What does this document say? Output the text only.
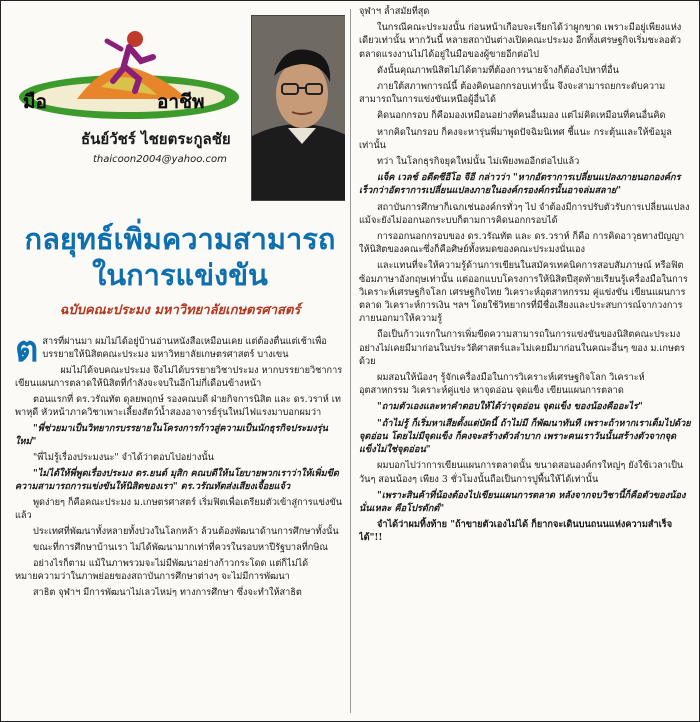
มือ	อาชีพ
ธันย์วัชร์ ไชยตระกูลชัย
thaicoon2004@yahoo.com
กลยุทธ์เพิ่มความสามารถ
ในการแข่งขัน
ฉบับคณะประมง มหาวิทยาลัยเกษตรศาสตร์

ตสารที่ผ่านมา ผมไม่ได้อยู่บ้านอ่านหนังสือเหมือนเคย แต่ต้องตื่นแต่เช้าเพื่อบรรยายให้นิสิตคณะประมง มหาวิทยาลัยเกษตรศาสตร์ บางเขน

ผมไม่ได้จบคณะประมง จึงไม่ได้บรรยายวิชาประมง หากบรรยายวิชาการเขียนแผนการตลาดให้นิสิตที่กำลังจะจบในอีกไม่กี่เดือนข้างหน้า

ตอนแรกที่ ดร.วรัณทัต ดุลยพฤกษ์ รองคณบดี ฝ่ายกิจการนิสิต และ ดร.วราห์ เทพาหุดี หัวหน้าภาควิชาเพาะเลี้ยงสัตว์น้ำสองอาจารย์รุ่นใหม่ไฟแรงมาบอกผมว่า

"พี่ช่วยมาเป็นวิทยากรบรรยายในโครงการก้าวสู่ความเป็นนักธุรกิจประมงรุ่นใหม่"

"พี่ไม่รู้เรื่องประมงนะ" จำได้ว่าตอบไปอย่างนั้น

"ไม่ได้ให้พี่พูดเรื่องประมง ดร.ยนต์ มุสิก คณบดีให้นโยบายพวกเราว่าให้เพิ่มขีดความสามารถการแข่งขันให้นิสิตของเรา" ดร.วรัณทัตส่งเสียงเจื้อยแจ้ว

พูดง่ายๆ ก็คือคณะประมง ม.เกษตรศาสตร์ เริ่มฟิตเพื่อเตรียมตัวเข้าสู่การแข่งขันแล้ว

ประเทศที่พัฒนาทั้งหลายทั้งปวงในโลกหล้า ล้วนต้องพัฒนาด้านการศึกษาทั้งนั้น

ขณะที่การศึกษาบ้านเรา ไม่ได้พัฒนามากเท่าที่ควรในรอบหาปีรัฐบาลที่กษิณ

อย่างไรก็ตาม แม้ในภาพรวมจะไม่มีพัฒนาอย่างก้าวกระโดด แต่ก็ไม่ได้หมายความว่าในภาพย่อยของสถาบันการศึกษาต่างๆ จะไม่มีการพัฒนา

สาธิต จุฬาฯ มีการพัฒนาไม่เลวไหม่ๆ ทางการศึกษา ซึ่งจะทำให้สาธิต

จุฬาฯ ล้ำสมัยที่สุด

ในกรณีคณะประมงนั้น ก่อนหน้าเกือบจะเรียกได้ว่าผูกขาด เพราะมีอยู่เพียงแห่งเดียวเท่านั้น หากวันนี้ หลายสถาบันต่างเปิดคณะประมง อีกทั้งเศรษฐกิจเริ่มชะลอตัวตลาดแรงงานไม่ได้อยู่ในมือของผู้ขายอีกต่อไป

ดังนั้นคุณภาพนิสิตไม่ได้ตามที่ต้องการนายจ้างก็ต้องไปหาที่อื่น

ภายใต้สภาพการณ์นี้ ต้องคิดนอกกรอบเท่านั้น จึงจะสามารถยกระดับความสามารถในการแข่งขันเหนือผู้อื่นได้

คิดนอกกรอบ ก็คือมองเหมือนอย่างที่คนอื่นมอง แต่ไม่คิดเหมือนที่คนอื่นคิด

หากคิดในกรอบ ก็คงจะหารุ่นพี่มาพูดปัจฉิมนิเทศ ชี้แนะ กระตุ้นและให้ข้อมูลเท่านั้น

ทว่า ในโลกธุรกิจยุคใหม่นั้น ไม่เพียงพออีกต่อไปแล้ว

แจ็ค เวลช์ อดีตซีอีโอ จีอี กล่าวว่า "หากอัตราการเปลี่ยนแปลงภายนอกองค์กรเร็วกว่าอัตราการเปลี่ยนแปลงภายในองค์กรองค์กรนั้นอาจล่มสลาย"

สถาบันการศึกษาก็เฉกเช่นองค์กรทั่วๆ ไป จำต้องมีการปรับตัวรับการเปลี่ยนแปลงแม้จะยังไม่ออกนอกระบบก็ตามการคิดนอกกรอบได้

การออกนอกกรอบของ ดร.วรัณทัต และ ดร.วราห์ ก็คือ การคิดอาวุธทางปัญญาให้นิสิตของคณะซึ่งก็คือศิษย์ทั้งหมดของคณะประมงนั่นเอง

และแทนที่จะให้ความรู้ด้านการเขียนในสมัครเทคนิคการสอบสัมภาษณ์ หรือฟิตซ้อมภาษาอังกฤษเท่านั้น แต่ออกแบบโครงการให้นิสิตปีสุดท้ายเรียนรู้เครื่องมือในการวิเคราะห์เศรษฐกิจโลก เศรษฐกิจไทย วิเคราะห์อุตสาหกรรม คู่แข่งขัน เขียนแผนการตลาด วิเคราะห์การเงิน ฯลฯ โดยใช้วิทยากรที่มีชื่อเสียงและประสบการณ์จากวงการภายนอกมาให้ความรู้

ถือเป็นก้าวแรกในการเพิ่มขีดความสามารถในการแข่งขันของนิสิตคณะประมง อย่างไม่เคยมีมาก่อนในประวัติศาสตร์และไม่เคยมีมาก่อนในคณะอื่นๆ ของ ม.เกษตรด้วย

ผมสอนให้น้องๆ รู้จักเครื่องมือในการวิเคราะห์เศรษฐกิจโลก วิเคราะห์อุตสาหกรรม วิเคราะห์คู่แข่ง หาจุดอ่อน จุดแข็ง เขียนแผนการตลาด

"ถามตัวเองและหาคำตอบให้ได้ว่าจุดอ่อน จุดแข็ง ของน้องคืออะไร"

"ถ้าไม่รู้ ก็เริ่มหาเสียตั้งแต่บัดนี้ ถ้าไม่มี ก็พัฒนาทันที เพราะถ้าหากเราเต็มไปด้วยจุดอ่อน โดยไม่มีจุดแข็ง ก็คงจะสร้างตัวลำบาก เพราะคนเราวันนั้นสร้างตัวจากจุดแข็งไม่ใช่จุดอ่อน"

ผมบอกไปว่าการเขียนแผนการตลาดนั้น ขนาดสอนองค์กรใหญ่ๆ ยังใช้เวลาเป็นวันๆ สอนน้องๆ เพียง 3 ชั่วโมงนั้นถือเป็นการปูพื้นให้ได้เท่านั้น

"เพราะสินค้าที่น้องต้องไปเขียนแผนการตลาด หลังจากจบวิชานี้ก็คือตัวของน้องนั่นเหละ คือโปรดักต์"

จำได้ว่าผมทิ้งท้าย "ถ้าขายตัวเองไม่ได้ ก็ยากจะเดินบนถนนแห่งความสำเร็จได้"!!
